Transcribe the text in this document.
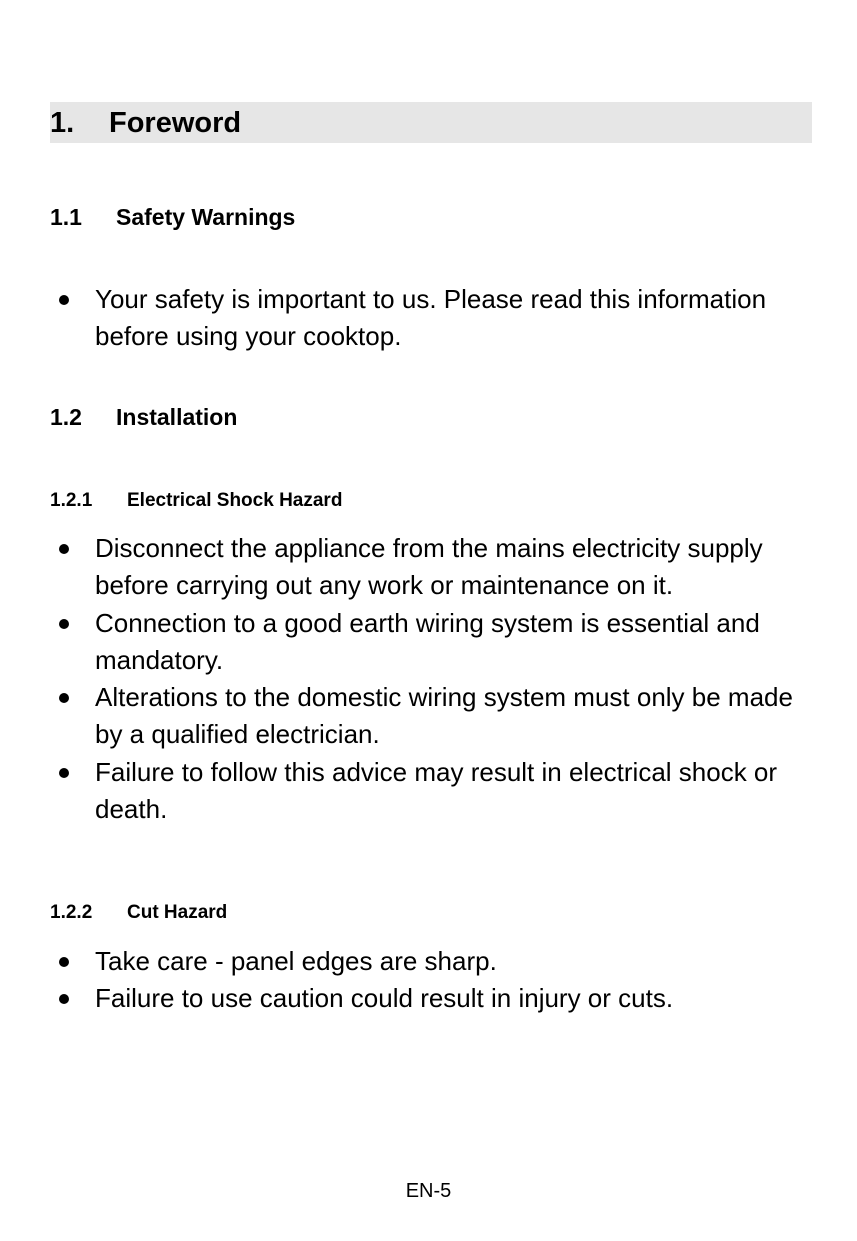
1. Foreword
1.1 Safety Warnings
Your safety is important to us. Please read this information before using your cooktop.
1.2 Installation
1.2.1 Electrical Shock Hazard
Disconnect the appliance from the mains electricity supply before carrying out any work or maintenance on it.
Connection to a good earth wiring system is essential and mandatory.
Alterations to the domestic wiring system must only be made by a qualified electrician.
Failure to follow this advice may result in electrical shock or death.
1.2.2 Cut Hazard
Take care - panel edges are sharp.
Failure to use caution could result in injury or cuts.
EN-5
